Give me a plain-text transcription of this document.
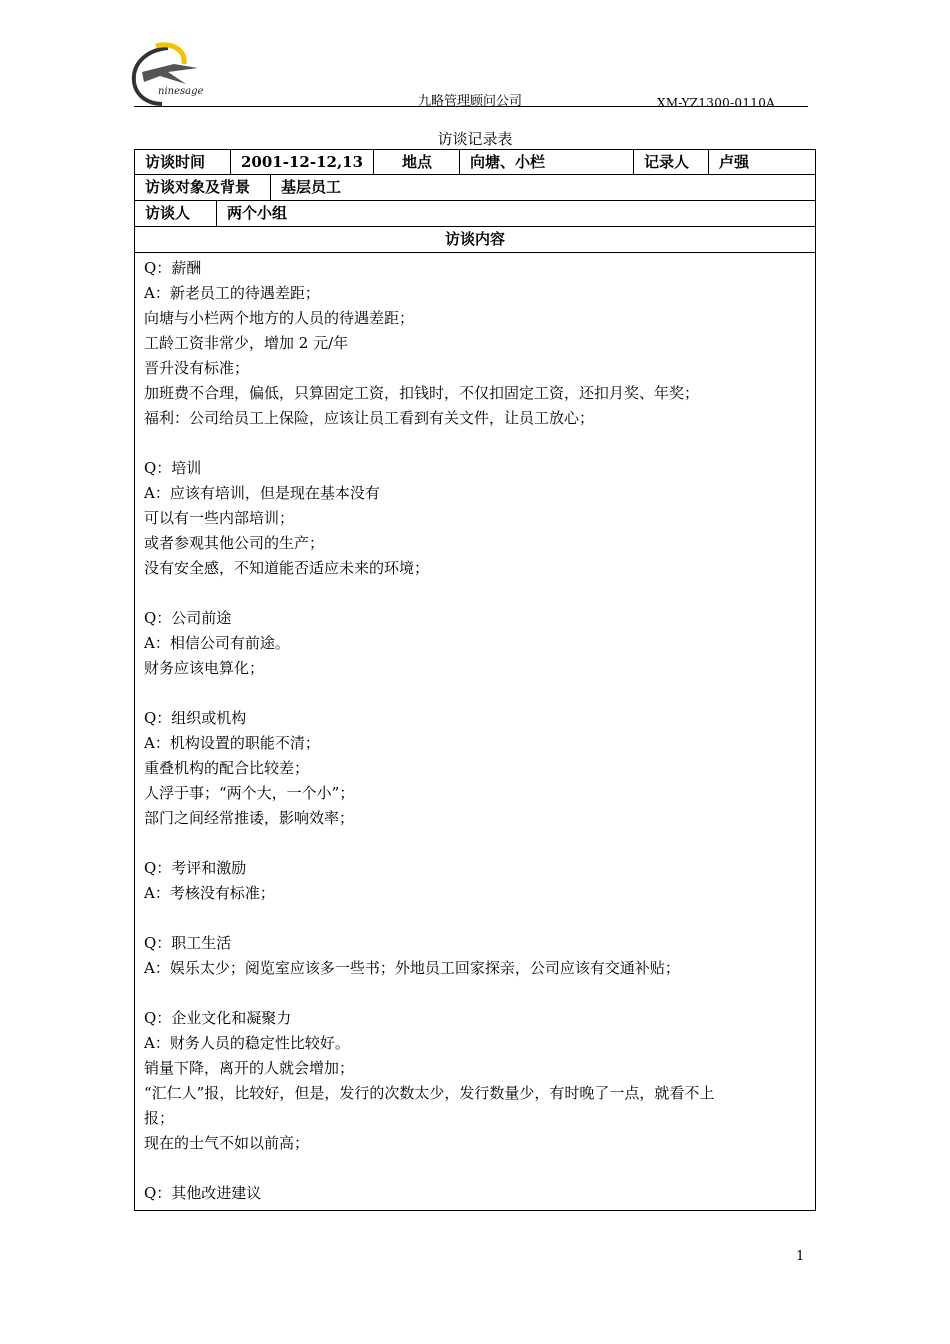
ninesage
九略管理顾问公司	XM-YZ1300-0110A
访谈记录表
访谈时间	2001-12-12,13	地点	向塘、小栏	记录人	卢强
访谈对象及背景	基层员工
访谈人	两个小组
访谈内容
Q：薪酬
A：新老员工的待遇差距；
向塘与小栏两个地方的人员的待遇差距；
工龄工资非常少，增加 2 元/年
晋升没有标准；
加班费不合理，偏低，只算固定工资，扣钱时，不仅扣固定工资，还扣月奖、年奖；
福利：公司给员工上保险，应该让员工看到有关文件，让员工放心；
Q：培训
A：应该有培训，但是现在基本没有
可以有一些内部培训；
或者参观其他公司的生产；
没有安全感，不知道能否适应未来的环境；
Q：公司前途
A：相信公司有前途。
财务应该电算化；
Q：组织或机构
A：机构设置的职能不清；
重叠机构的配合比较差；
人浮于事；“两个大，一个小”；
部门之间经常推诿，影响效率；
Q：考评和激励
A：考核没有标准；
Q：职工生活
A：娱乐太少；阅览室应该多一些书；外地员工回家探亲，公司应该有交通补贴；
Q：企业文化和凝聚力
A：财务人员的稳定性比较好。
销量下降，离开的人就会增加；
“汇仁人”报，比较好，但是，发行的次数太少，发行数量少，有时晚了一点，就看不上
报；
现在的士气不如以前高；
Q：其他改进建议
1
